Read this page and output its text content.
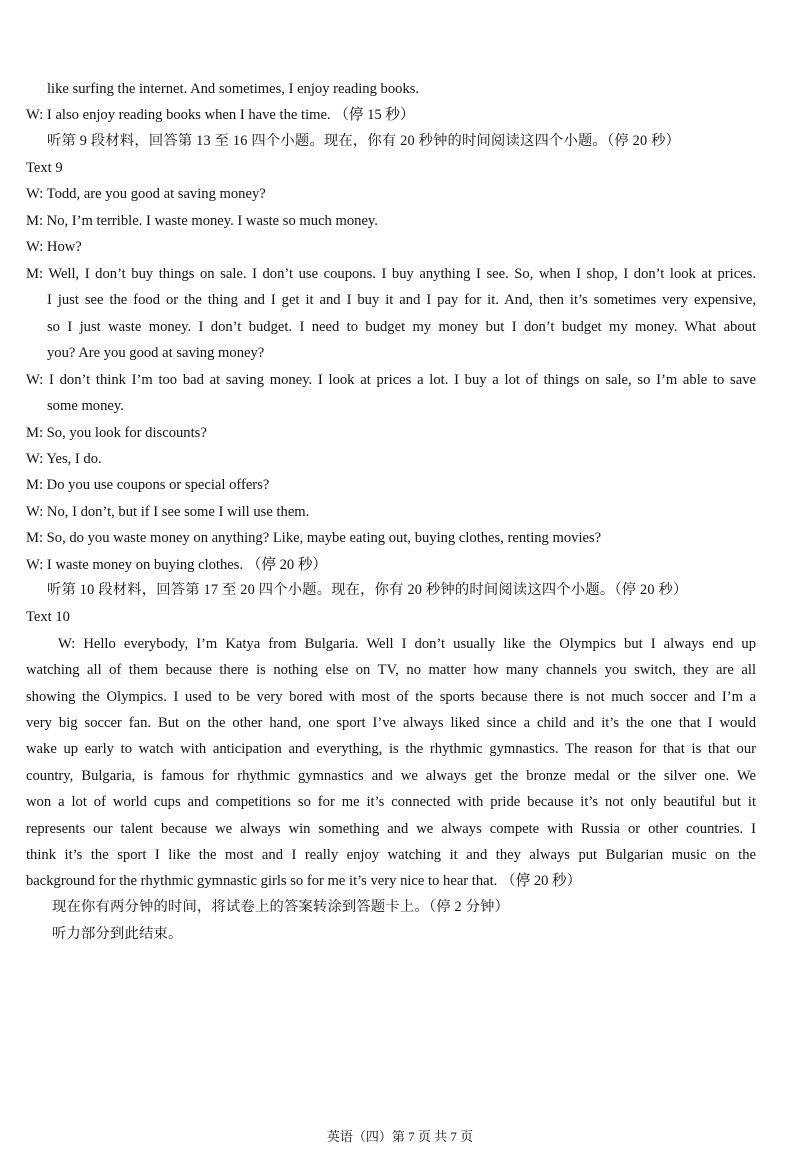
like surfing the internet. And sometimes, I enjoy reading books.
W: I also enjoy reading books when I have the time. （停 15 秒）
听第 9 段材料，回答第 13 至 16 四个小题。现在，你有 20 秒钟的时间阅读这四个小题。（停 20 秒）
Text 9
W: Todd, are you good at saving money?
M: No, I’m terrible. I waste money. I waste so much money.
W: How?
M: Well, I don’t buy things on sale. I don’t use coupons. I buy anything I see. So, when I shop, I don’t look at prices.
I just see the food or the thing and I get it and I buy it and I pay for it. And, then it’s sometimes very expensive,
so I just waste money. I don’t budget. I need to budget my money but I don’t budget my money. What about
you? Are you good at saving money?
W: I don’t think I’m too bad at saving money. I look at prices a lot. I buy a lot of things on sale, so I’m able to save
some money.
M: So, you look for discounts?
W: Yes, I do.
M: Do you use coupons or special offers?
W: No, I don’t, but if I see some I will use them.
M: So, do you waste money on anything? Like, maybe eating out, buying clothes, renting movies?
W: I waste money on buying clothes. （停 20 秒）
听第 10 段材料，回答第 17 至 20 四个小题。现在，你有 20 秒钟的时间阅读这四个小题。（停 20 秒）
Text 10
W: Hello everybody, I’m Katya from Bulgaria. Well I don’t usually like the Olympics but I always end up
watching all of them because there is nothing else on TV, no matter how many channels you switch, they are all
showing the Olympics. I used to be very bored with most of the sports because there is not much soccer and I’m a
very big soccer fan. But on the other hand, one sport I’ve always liked since a child and it’s the one that I would
wake up early to watch with anticipation and everything, is the rhythmic gymnastics. The reason for that is that our
country, Bulgaria, is famous for rhythmic gymnastics and we always get the bronze medal or the silver one. We
won a lot of world cups and competitions so for me it’s connected with pride because it’s not only beautiful but it
represents our talent because we always win something and we always compete with Russia or other countries. I
think it’s the sport I like the most and I really enjoy watching it and they always put Bulgarian music on the
background for the rhythmic gymnastic girls so for me it’s very nice to hear that. （停 20 秒）
现在你有两分钟的时间，将试卷上的答案转涂到答题卡上。（停 2 分钟）
听力部分到此结束。
英语（四）第 7 页 共 7 页
